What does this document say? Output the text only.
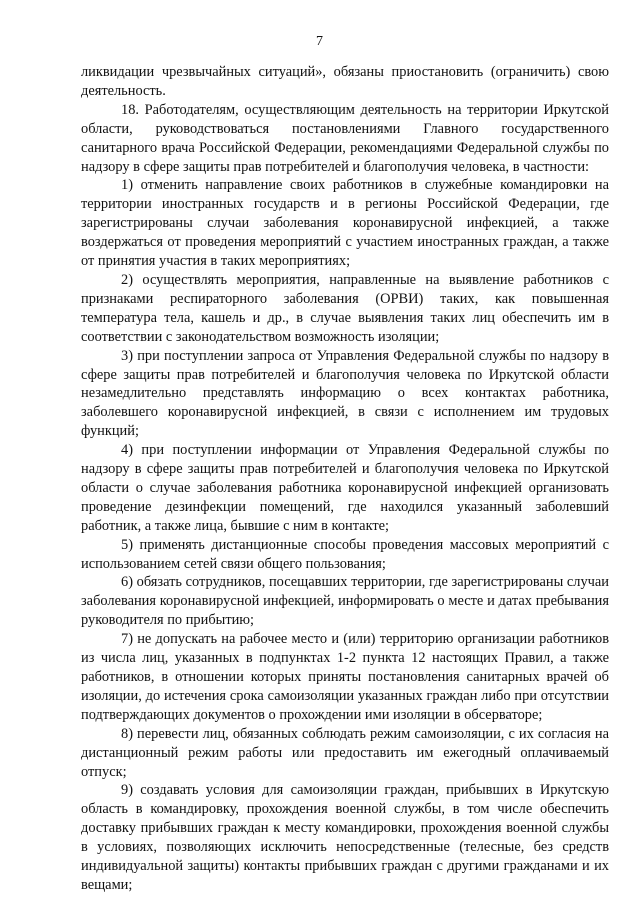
7

ликвидации чрезвычайных ситуаций», обязаны приостановить (ограничить) свою деятельность.

18. Работодателям, осуществляющим деятельность на территории Иркутской области, руководствоваться постановлениями Главного государственного санитарного врача Российской Федерации, рекомендациями Федеральной службы по надзору в сфере защиты прав потребителей и благополучия человека, в частности:

1) отменить направление своих работников в служебные командировки на территории иностранных государств и в регионы Российской Федерации, где зарегистрированы случаи заболевания коронавирусной инфекцией, а также воздержаться от проведения мероприятий с участием иностранных граждан, а также от принятия участия в таких мероприятиях;

2) осуществлять мероприятия, направленные на выявление работников с признаками респираторного заболевания (ОРВИ) таких, как повышенная температура тела, кашель и др., в случае выявления таких лиц обеспечить им в соответствии с законодательством возможность изоляции;

3) при поступлении запроса от Управления Федеральной службы по надзору в сфере защиты прав потребителей и благополучия человека по Иркутской области незамедлительно представлять информацию о всех контактах работника, заболевшего коронавирусной инфекцией, в связи с исполнением им трудовых функций;

4) при поступлении информации от Управления Федеральной службы по надзору в сфере защиты прав потребителей и благополучия человека по Иркутской области о случае заболевания работника коронавирусной инфекцией организовать проведение дезинфекции помещений, где находился указанный заболевший работник, а также лица, бывшие с ним в контакте;

5) применять дистанционные способы проведения массовых мероприятий с использованием сетей связи общего пользования;

6) обязать сотрудников, посещавших территории, где зарегистрированы случаи заболевания коронавирусной инфекцией, информировать о месте и датах пребывания руководителя по прибытию;

7) не допускать на рабочее место и (или) территорию организации работников из числа лиц, указанных в подпунктах 1-2 пункта 12 настоящих Правил, а также работников, в отношении которых приняты постановления санитарных врачей об изоляции, до истечения срока самоизоляции указанных граждан либо при отсутствии подтверждающих документов о прохождении ими изоляции в обсерваторе;

8) перевести лиц, обязанных соблюдать режим самоизоляции, с их согласия на дистанционный режим работы или предоставить им ежегодный оплачиваемый отпуск;

9) создавать условия для самоизоляции граждан, прибывших в Иркутскую область в командировку, прохождения военной службы, в том числе обеспечить доставку прибывших граждан к месту командировки, прохождения военной службы в условиях, позволяющих исключить непосредственные (телесные, без средств индивидуальной защиты) контакты прибывших граждан с другими гражданами и их вещами;
